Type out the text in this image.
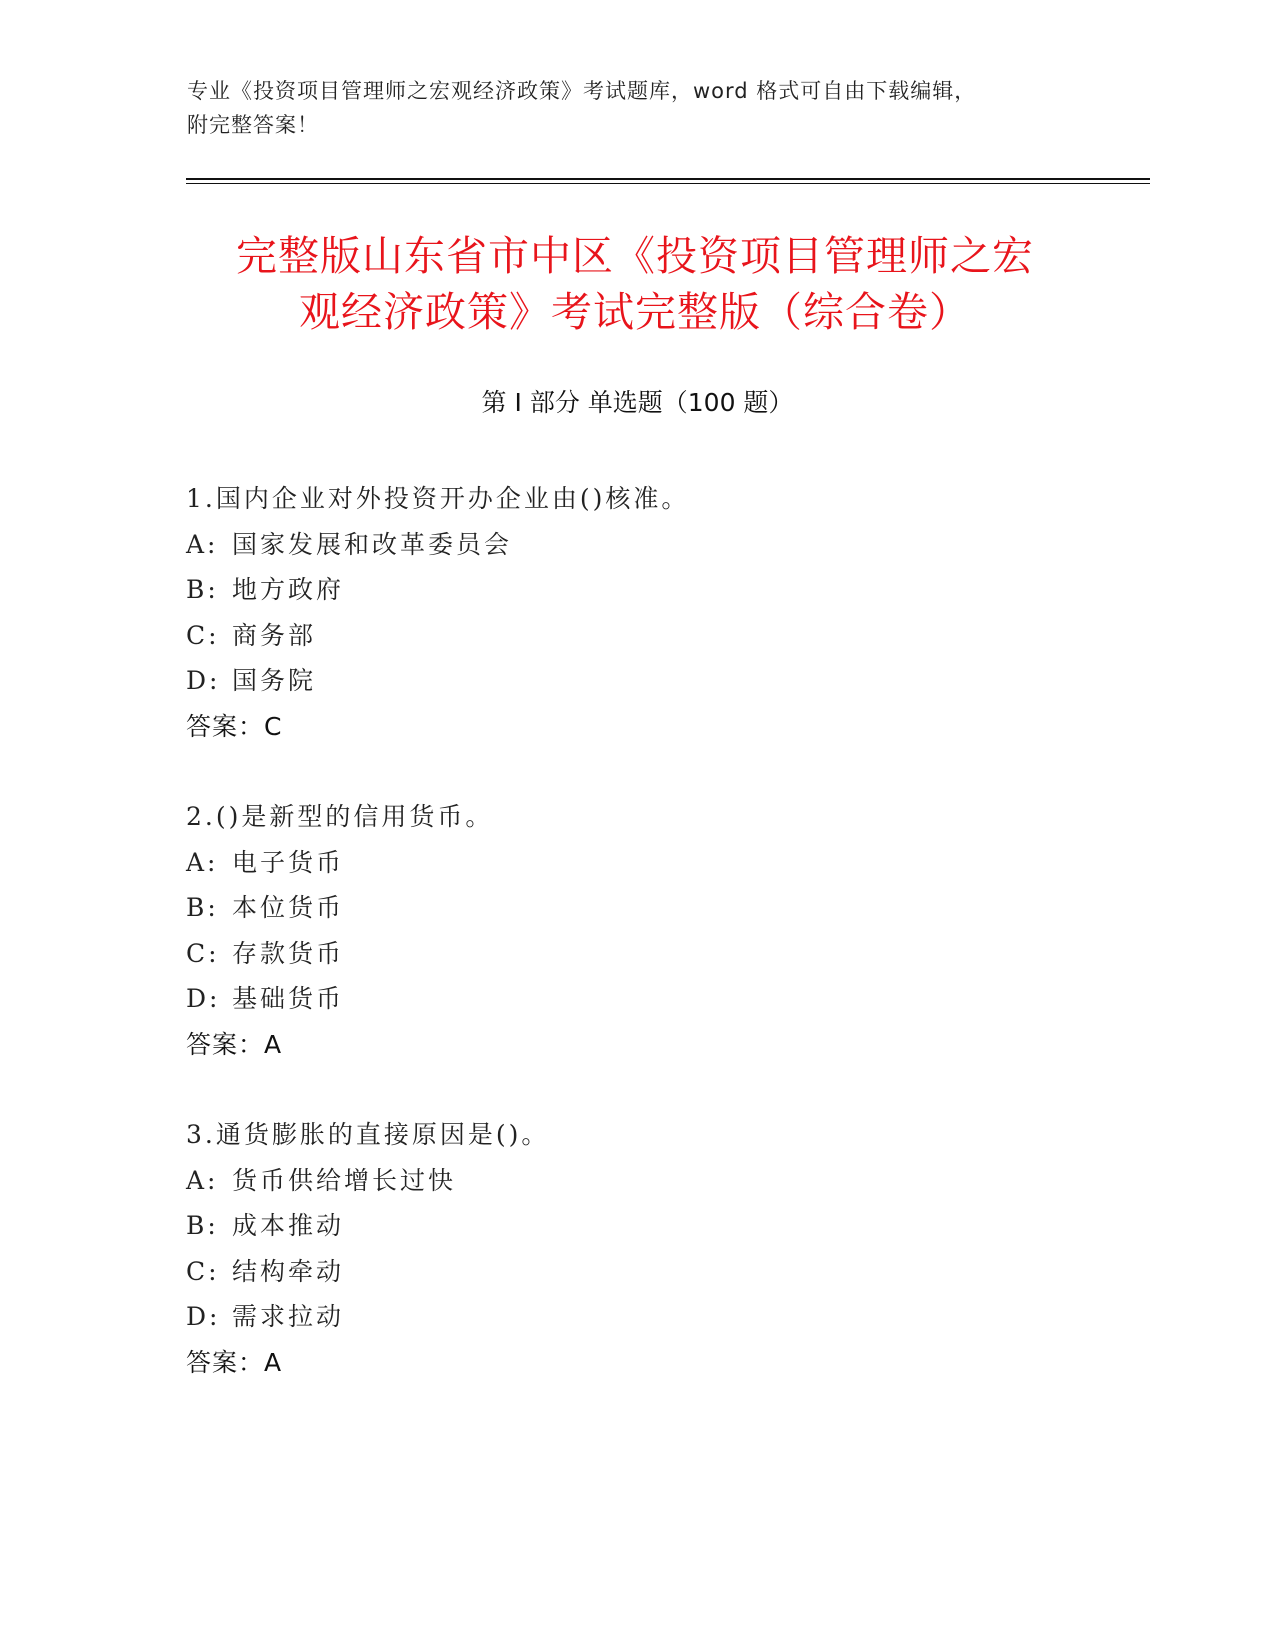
专业《投资项目管理师之宏观经济政策》考试题库，word 格式可自由下载编辑，
附完整答案！
完整版山东省市中区《投资项目管理师之宏
观经济政策》考试完整版（综合卷）
第 I 部分 单选题（100 题）
1.国内企业对外投资开办企业由()核准。
A: 国家发展和改革委员会
B: 地方政府
C: 商务部
D: 国务院
答案：C
2.()是新型的信用货币。
A: 电子货币
B: 本位货币
C: 存款货币
D: 基础货币
答案：A
3.通货膨胀的直接原因是()。
A: 货币供给增长过快
B: 成本推动
C: 结构牵动
D: 需求拉动
答案：A
